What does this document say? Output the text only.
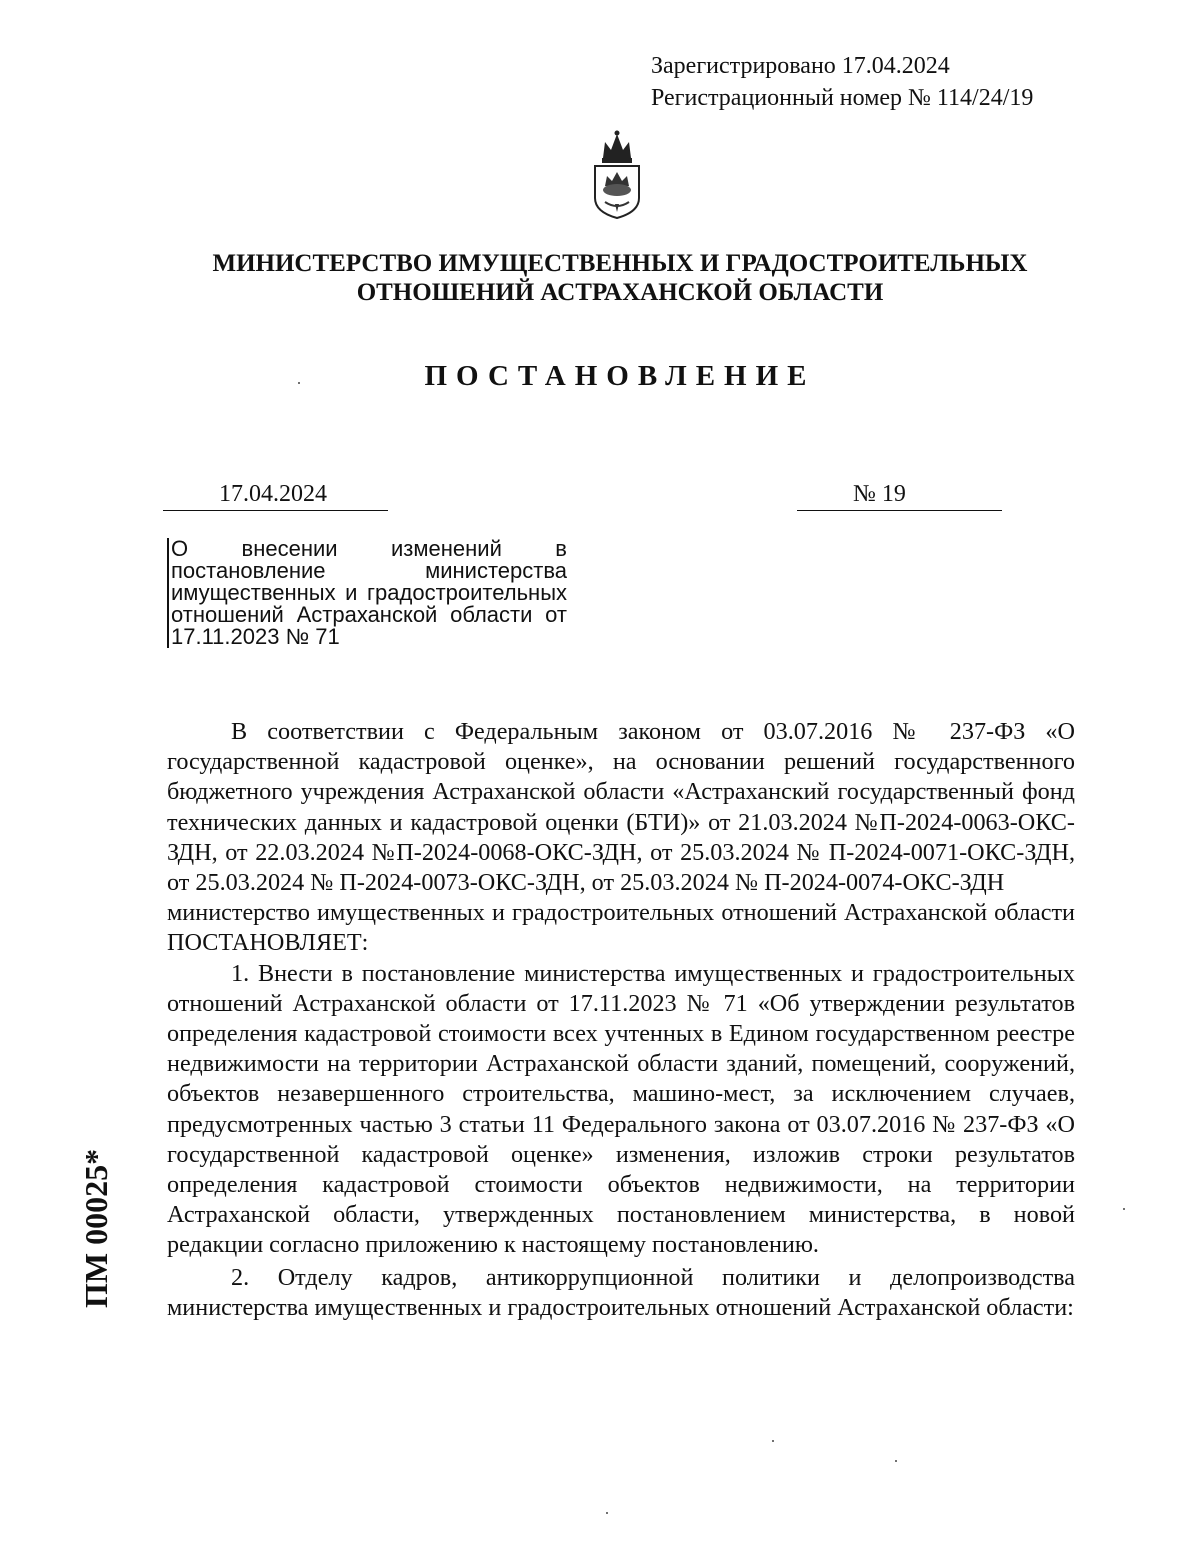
Зарегистрировано 17.04.2024
Регистрационный номер № 114/24/19
МИНИСТЕРСТВО ИМУЩЕСТВЕННЫХ И ГРАДОСТРОИТЕЛЬНЫХ
ОТНОШЕНИЙ АСТРАХАНСКОЙ ОБЛАСТИ
ПОСТАНОВЛЕНИЕ
17.04.2024	№ 19
О внесении изменений в постановление министерства имущественных и градостроительных отношений Астраханской области от 17.11.2023 № 71

В соответствии с Федеральным законом от 03.07.2016 № 237-ФЗ «О государственной кадастровой оценке», на основании решений государственного бюджетного учреждения Астраханской области «Астраханский государственный фонд технических данных и кадастровой оценки (БТИ)» от 21.03.2024 №П-2024-0063-ОКС-ЗДН, от 22.03.2024 №П-2024-0068-ОКС-ЗДН, от 25.03.2024 № П-2024-0071-ОКС-ЗДН, от 25.03.2024 № П-2024-0073-ОКС-ЗДН, от 25.03.2024 № П-2024-0074-ОКС-ЗДН

министерство имущественных и градостроительных отношений Астраханской области ПОСТАНОВЛЯЕТ:

1. Внести в постановление министерства имущественных и градостроительных отношений Астраханской области от 17.11.2023 № 71 «Об утверждении результатов определения кадастровой стоимости всех учтенных в Едином государственном реестре недвижимости на территории Астраханской области зданий, помещений, сооружений, объектов незавершенного строительства, машино-мест, за исключением случаев, предусмотренных частью 3 статьи 11 Федерального закона от 03.07.2016 № 237-ФЗ «О государственной кадастровой оценке» изменения, изложив строки результатов определения кадастровой стоимости объектов недвижимости, на территории Астраханской области, утвержденных постановлением министерства, в новой редакции согласно приложению к настоящему постановлению.

2. Отделу кадров, антикоррупционной политики и делопроизводства министерства имущественных и градостроительных отношений Астраханской области:

ПМ 00025*
